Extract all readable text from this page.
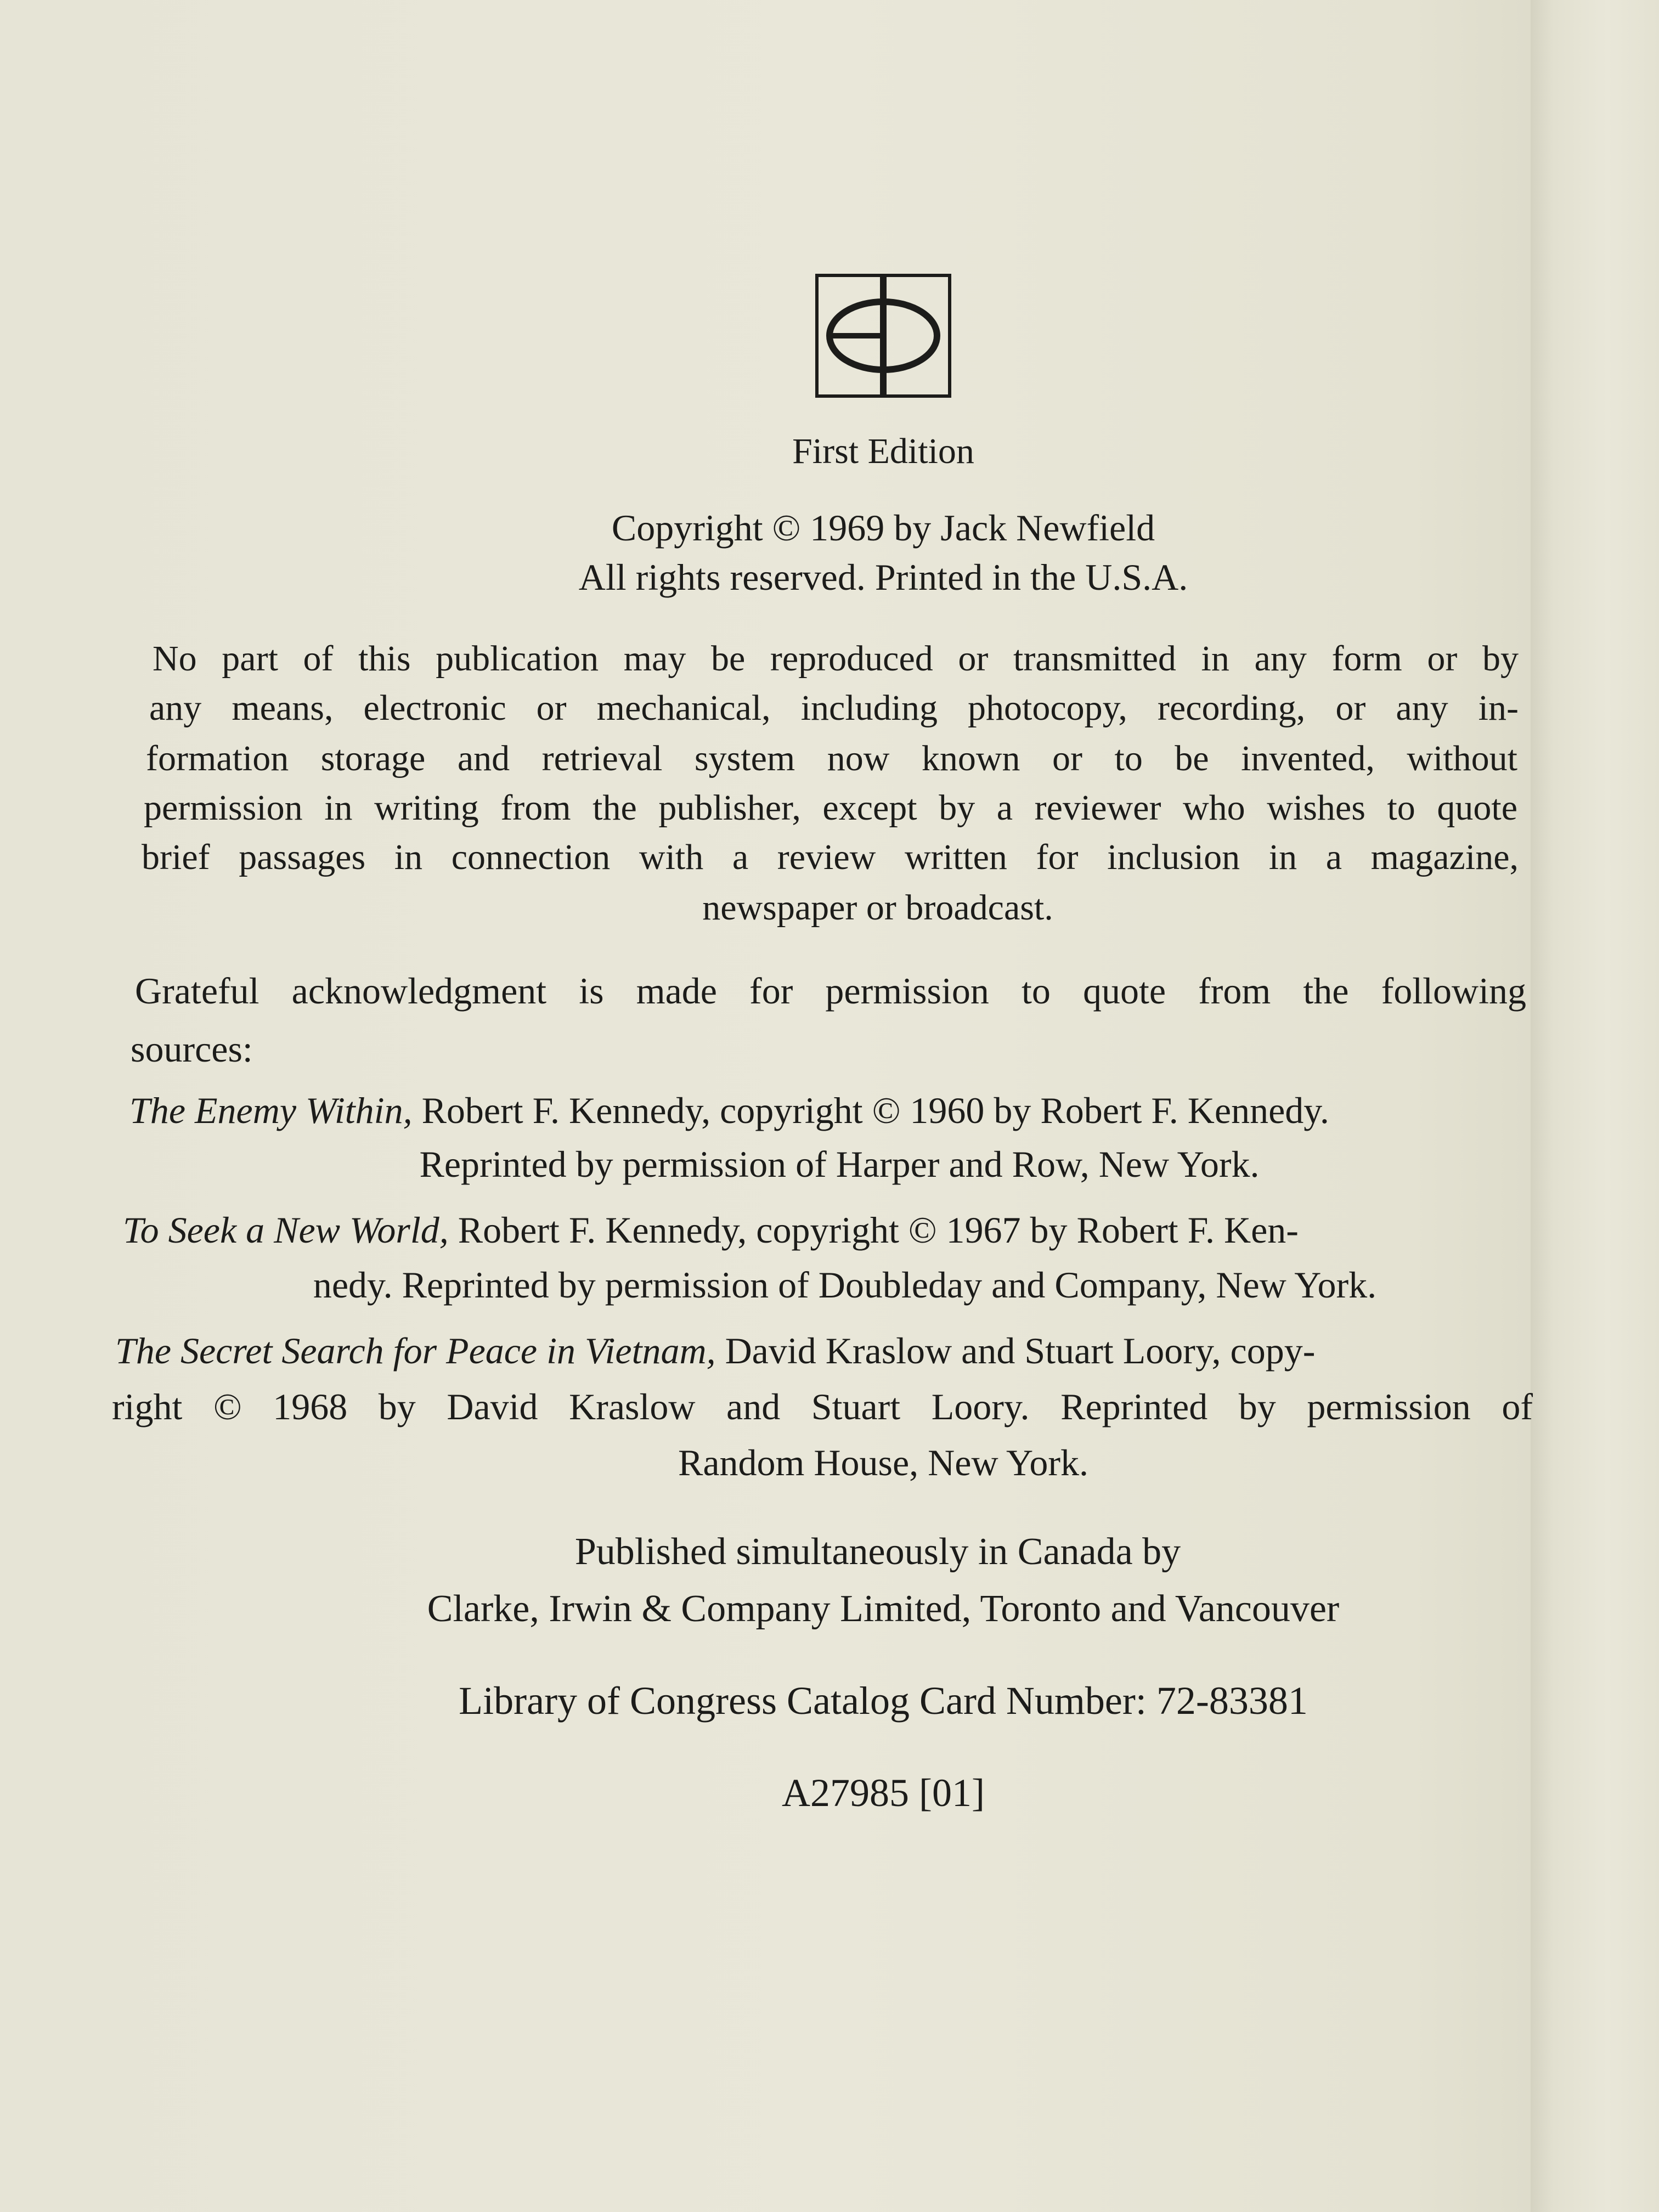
First Edition
Copyright © 1969 by Jack Newfield
All rights reserved. Printed in the U.S.A.
No part of this publication may be reproduced or transmitted in any form or by
any means, electronic or mechanical, including photocopy, recording, or any in-
formation storage and retrieval system now known or to be invented, without
permission in writing from the publisher, except by a reviewer who wishes to quote
brief passages in connection with a review written for inclusion in a magazine,
newspaper or broadcast.
Grateful acknowledgment is made for permission to quote from the following
sources:
The Enemy Within, Robert F. Kennedy, copyright © 1960 by Robert F. Kennedy.
Reprinted by permission of Harper and Row, New York.
To Seek a New World, Robert F. Kennedy, copyright © 1967 by Robert F. Ken-
nedy. Reprinted by permission of Doubleday and Company, New York.
The Secret Search for Peace in Vietnam, David Kraslow and Stuart Loory, copy-
right © 1968 by David Kraslow and Stuart Loory. Reprinted by permission of
Random House, New York.
Published simultaneously in Canada by
Clarke, Irwin & Company Limited, Toronto and Vancouver
Library of Congress Catalog Card Number: 72-83381
A27985 [01]
